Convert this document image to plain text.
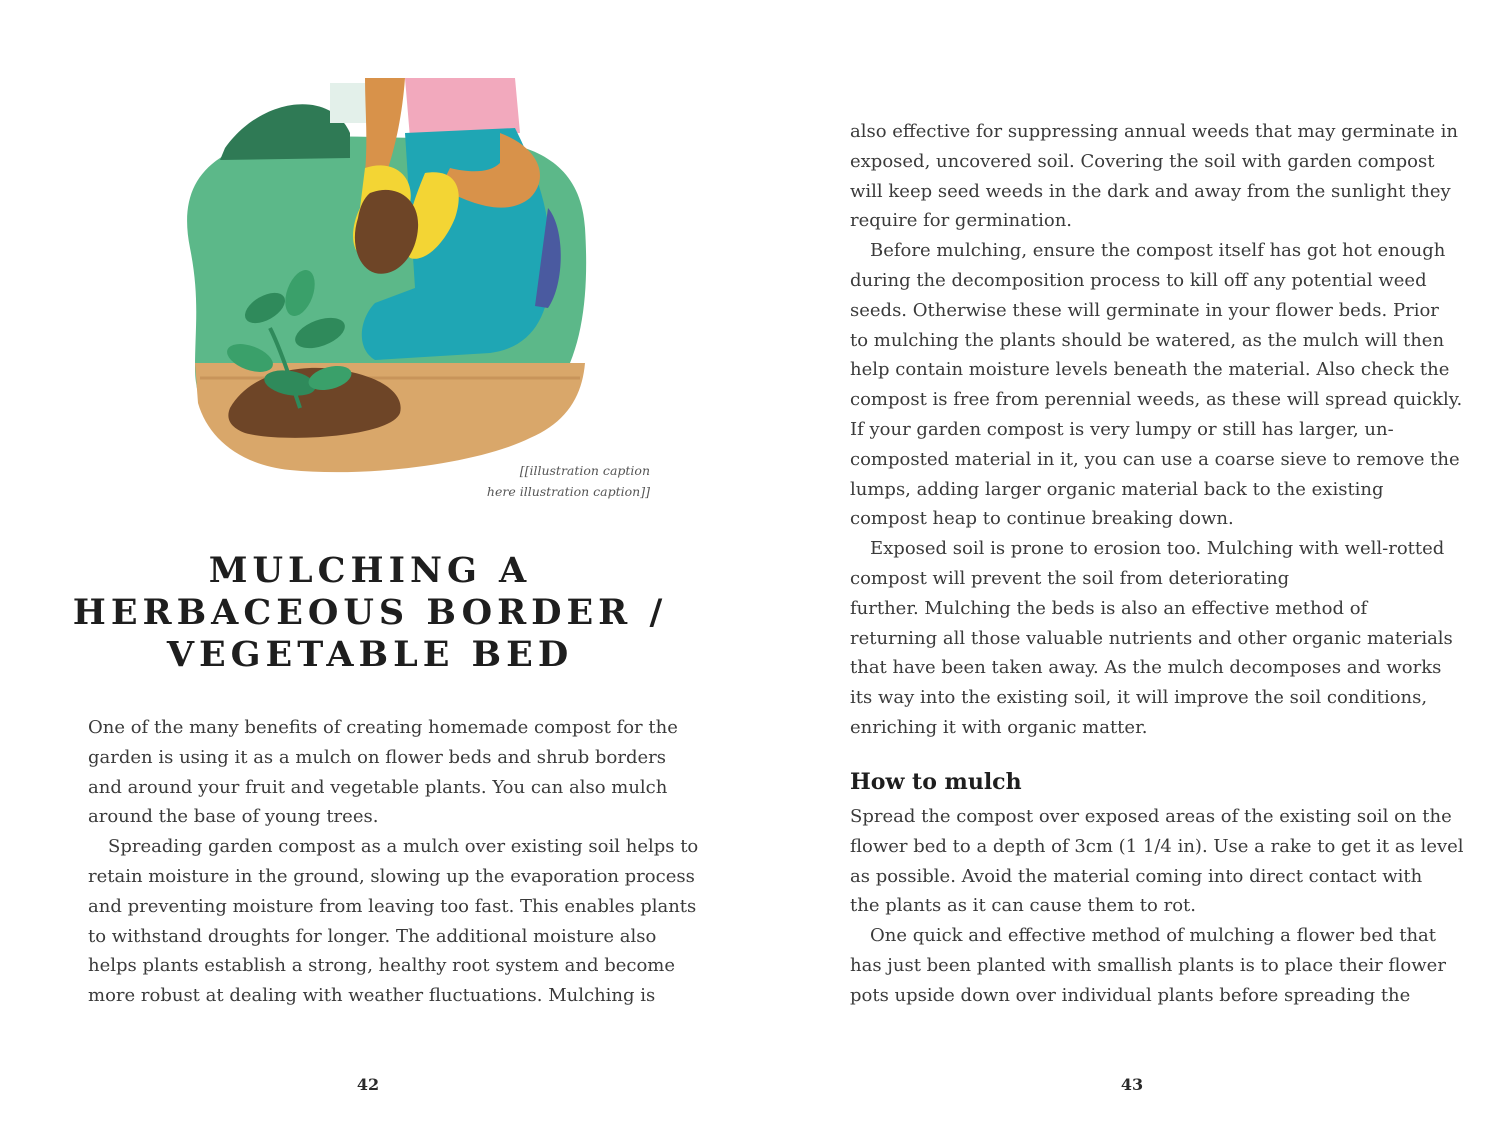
[[illustration caption
here illustration caption]]
MULCHING A
HERBACEOUS BORDER /
VEGETABLE BED
One of the many benefits of creating homemade compost for the
garden is using it as a mulch on flower beds and shrub borders
and around your fruit and vegetable plants. You can also mulch
around the base of young trees.
Spreading garden compost as a mulch over existing soil helps to
retain moisture in the ground, slowing up the evaporation process
and preventing moisture from leaving too fast. This enables plants
to withstand droughts for longer. The additional moisture also
helps plants establish a strong, healthy root system and become
more robust at dealing with weather fluctuations. Mulching is
42
also effective for suppressing annual weeds that may germinate in
exposed, uncovered soil. Covering the soil with garden compost
will keep seed weeds in the dark and away from the sunlight they
require for germination.
Before mulching, ensure the compost itself has got hot enough
during the decomposition process to kill off any potential weed
seeds. Otherwise these will germinate in your flower beds. Prior
to mulching the plants should be watered, as the mulch will then
help contain moisture levels beneath the material. Also check the
compost is free from perennial weeds, as these will spread quickly.
If your garden compost is very lumpy or still has larger, un-
composted material in it, you can use a coarse sieve to remove the
lumps, adding larger organic material back to the existing
compost heap to continue breaking down.
Exposed soil is prone to erosion too. Mulching with well-rotted
compost will prevent the soil from deteriorating
further. Mulching the beds is also an effective method of
returning all those valuable nutrients and other organic materials
that have been taken away. As the mulch decomposes and works
its way into the existing soil, it will improve the soil conditions,
enriching it with organic matter.
How to mulch
Spread the compost over exposed areas of the existing soil on the
flower bed to a depth of 3cm (1 1/4 in). Use a rake to get it as level
as possible. Avoid the material coming into direct contact with
the plants as it can cause them to rot.
One quick and effective method of mulching a flower bed that
has just been planted with smallish plants is to place their flower
pots upside down over individual plants before spreading the
43
